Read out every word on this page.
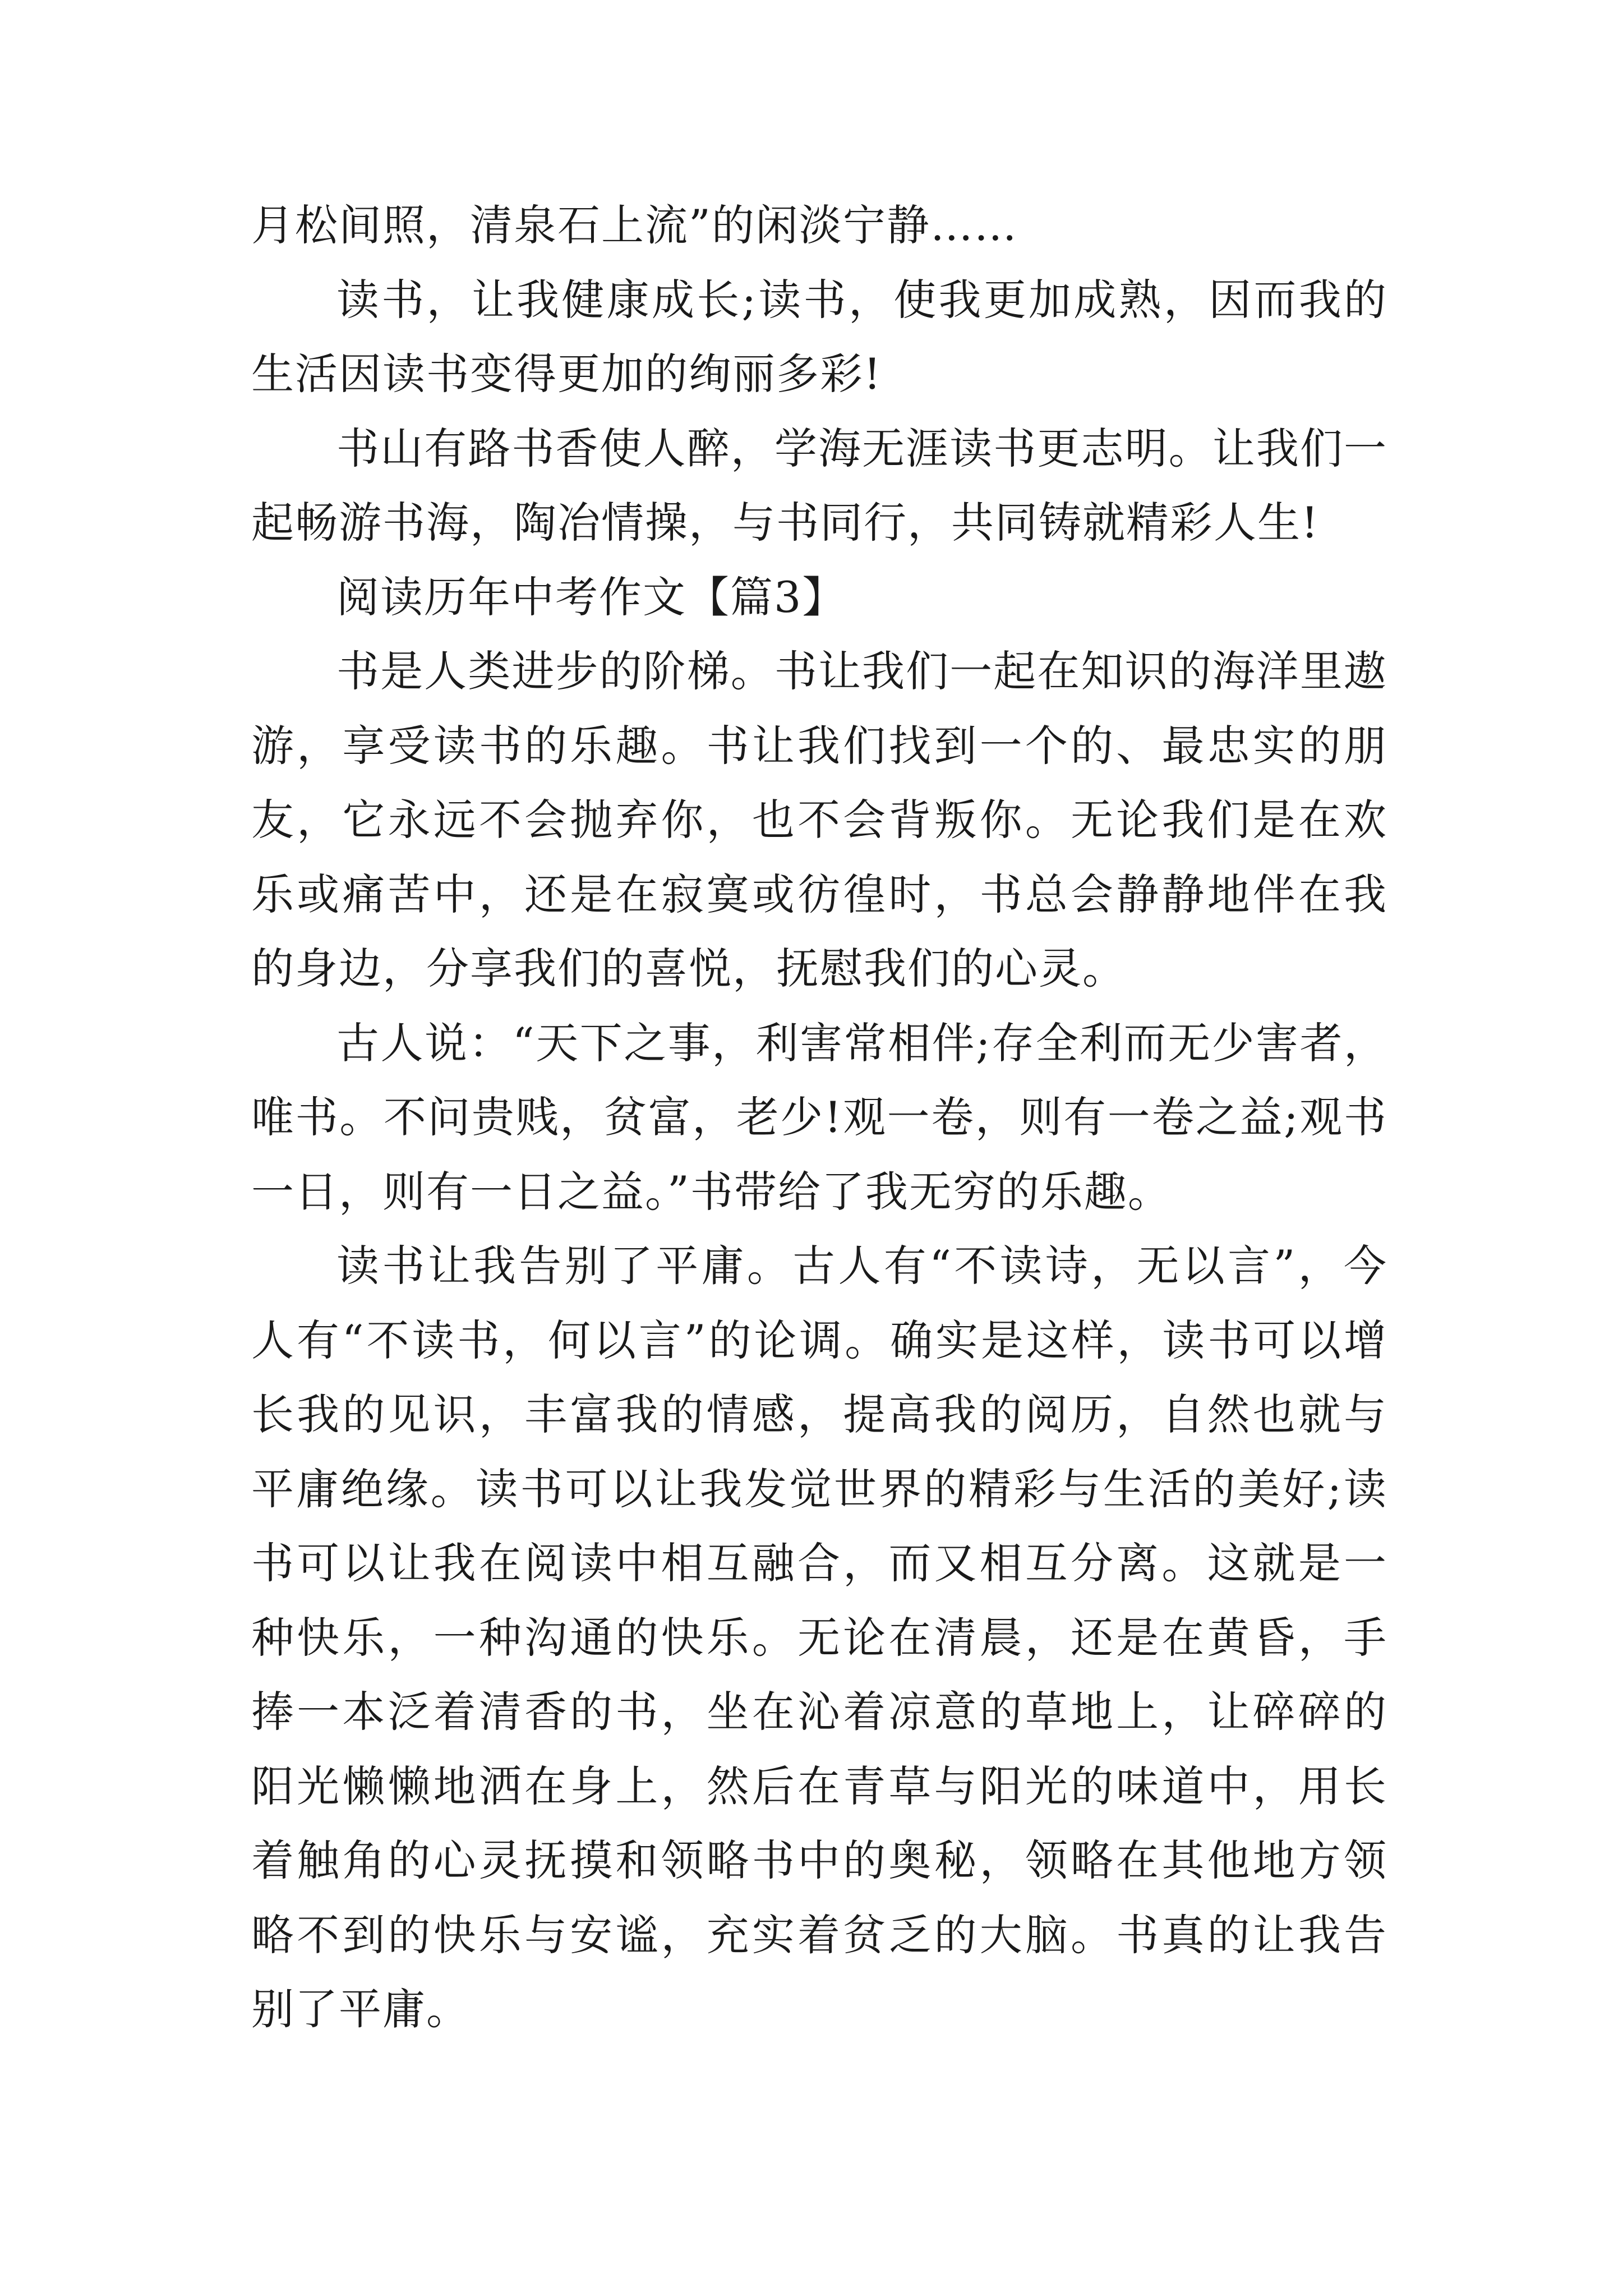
月松间照，清泉石上流”的闲淡宁静……

读书，让我健康成长;读书，使我更加成熟，因而我的生活因读书变得更加的绚丽多彩!

书山有路书香使人醉，学海无涯读书更志明。让我们一起畅游书海，陶冶情操，与书同行，共同铸就精彩人生!

阅读历年中考作文【篇3】

书是人类进步的阶梯。书让我们一起在知识的海洋里遨游，享受读书的乐趣。书让我们找到一个的、最忠实的朋友，它永远不会抛弃你，也不会背叛你。无论我们是在欢乐或痛苦中，还是在寂寞或彷徨时，书总会静静地伴在我的身边，分享我们的喜悦，抚慰我们的心灵。

古人说：“天下之事，利害常相伴;存全利而无少害者，唯书。不问贵贱，贫富，老少!观一卷，则有一卷之益;观书一日，则有一日之益。”书带给了我无穷的乐趣。

读书让我告别了平庸。古人有“不读诗，无以言”，今人有“不读书，何以言”的论调。确实是这样，读书可以增长我的见识，丰富我的情感，提高我的阅历，自然也就与平庸绝缘。读书可以让我发觉世界的精彩与生活的美好;读书可以让我在阅读中相互融合，而又相互分离。这就是一种快乐，一种沟通的快乐。无论在清晨，还是在黄昏，手捧一本泛着清香的书，坐在沁着凉意的草地上，让碎碎的阳光懒懒地洒在身上，然后在青草与阳光的味道中，用长着触角的心灵抚摸和领略书中的奥秘，领略在其他地方领略不到的快乐与安谧，充实着贫乏的大脑。书真的让我告别了平庸。
